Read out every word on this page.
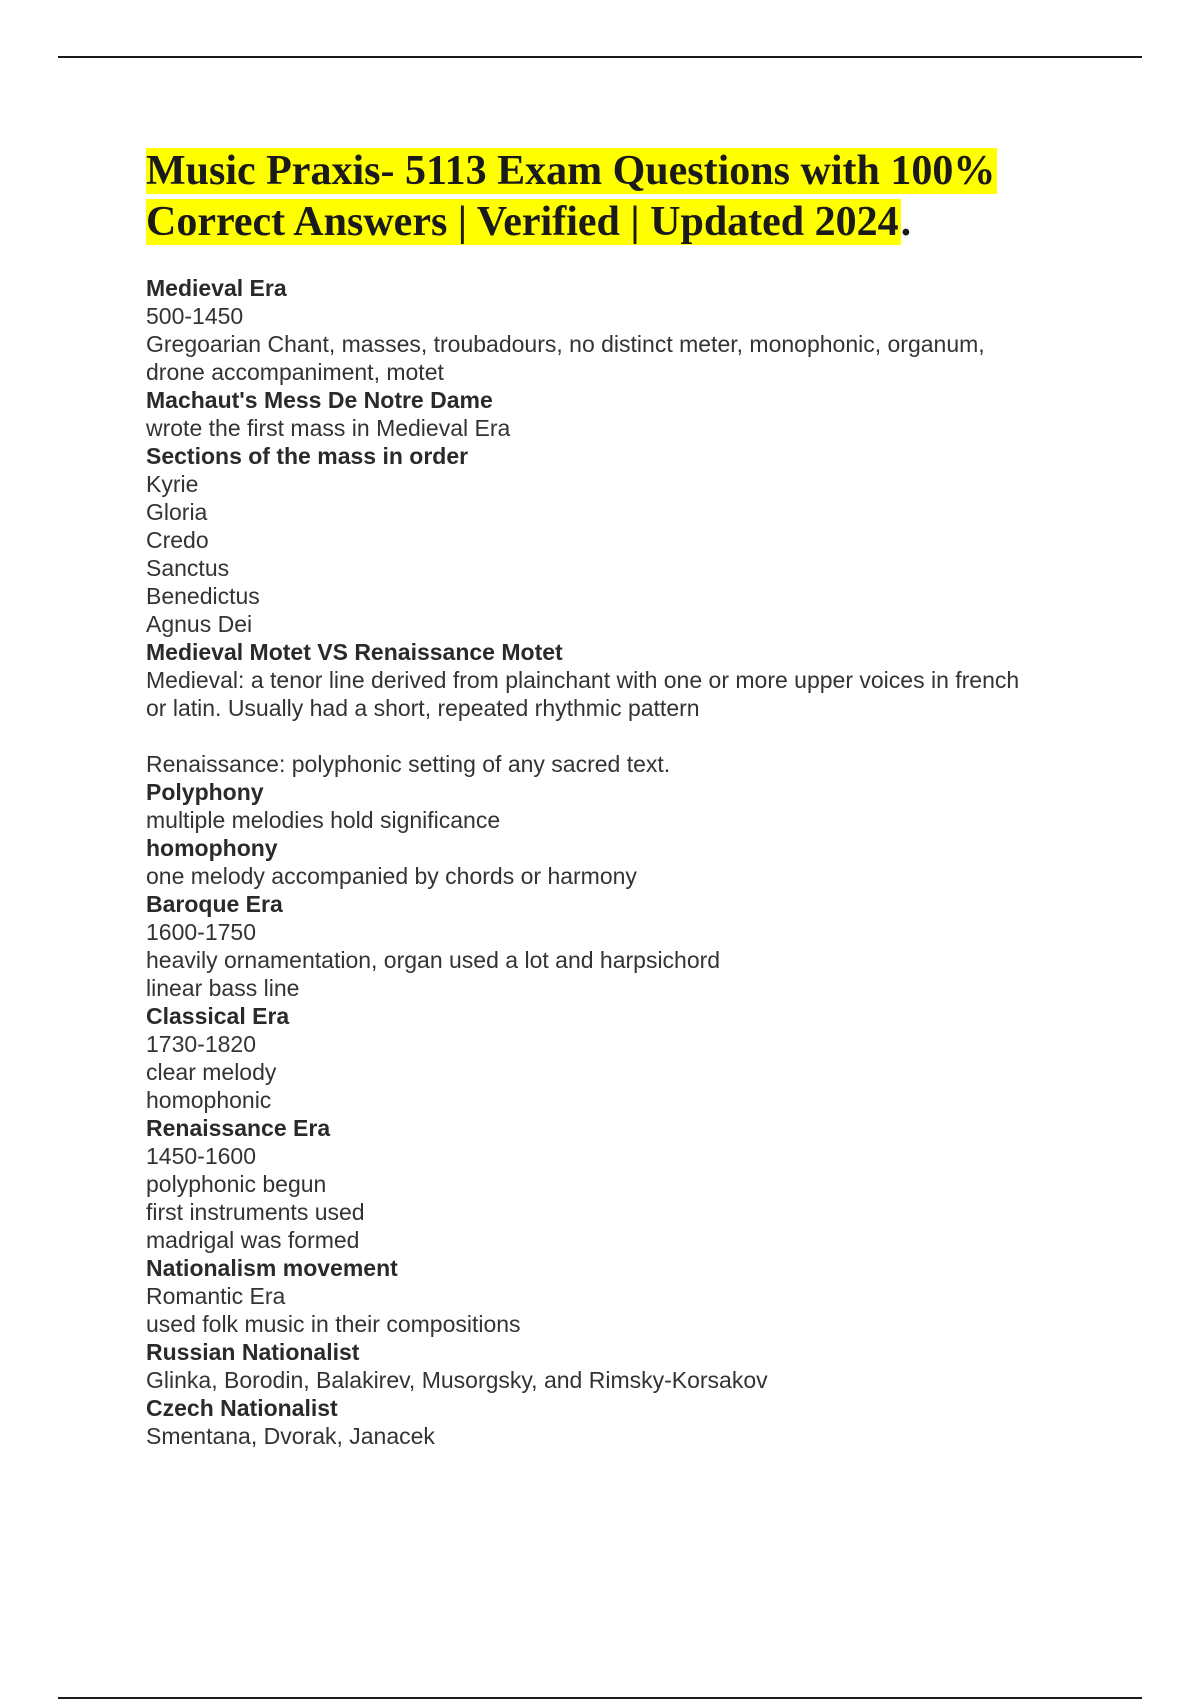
Music Praxis- 5113 Exam Questions with 100%
Correct Answers | Verified | Updated 2024.
Medieval Era
500-1450
Gregoarian Chant, masses, troubadours, no distinct meter, monophonic, organum,
drone accompaniment, motet
Machaut's Mess De Notre Dame
wrote the first mass in Medieval Era
Sections of the mass in order
Kyrie
Gloria
Credo
Sanctus
Benedictus
Agnus Dei
Medieval Motet VS Renaissance Motet
Medieval: a tenor line derived from plainchant with one or more upper voices in french
or latin. Usually had a short, repeated rhythmic pattern
Renaissance: polyphonic setting of any sacred text.
Polyphony
multiple melodies hold significance
homophony
one melody accompanied by chords or harmony
Baroque Era
1600-1750
heavily ornamentation, organ used a lot and harpsichord
linear bass line
Classical Era
1730-1820
clear melody
homophonic
Renaissance Era
1450-1600
polyphonic begun
first instruments used
madrigal was formed
Nationalism movement
Romantic Era
used folk music in their compositions
Russian Nationalist
Glinka, Borodin, Balakirev, Musorgsky, and Rimsky-Korsakov
Czech Nationalist
Smentana, Dvorak, Janacek
